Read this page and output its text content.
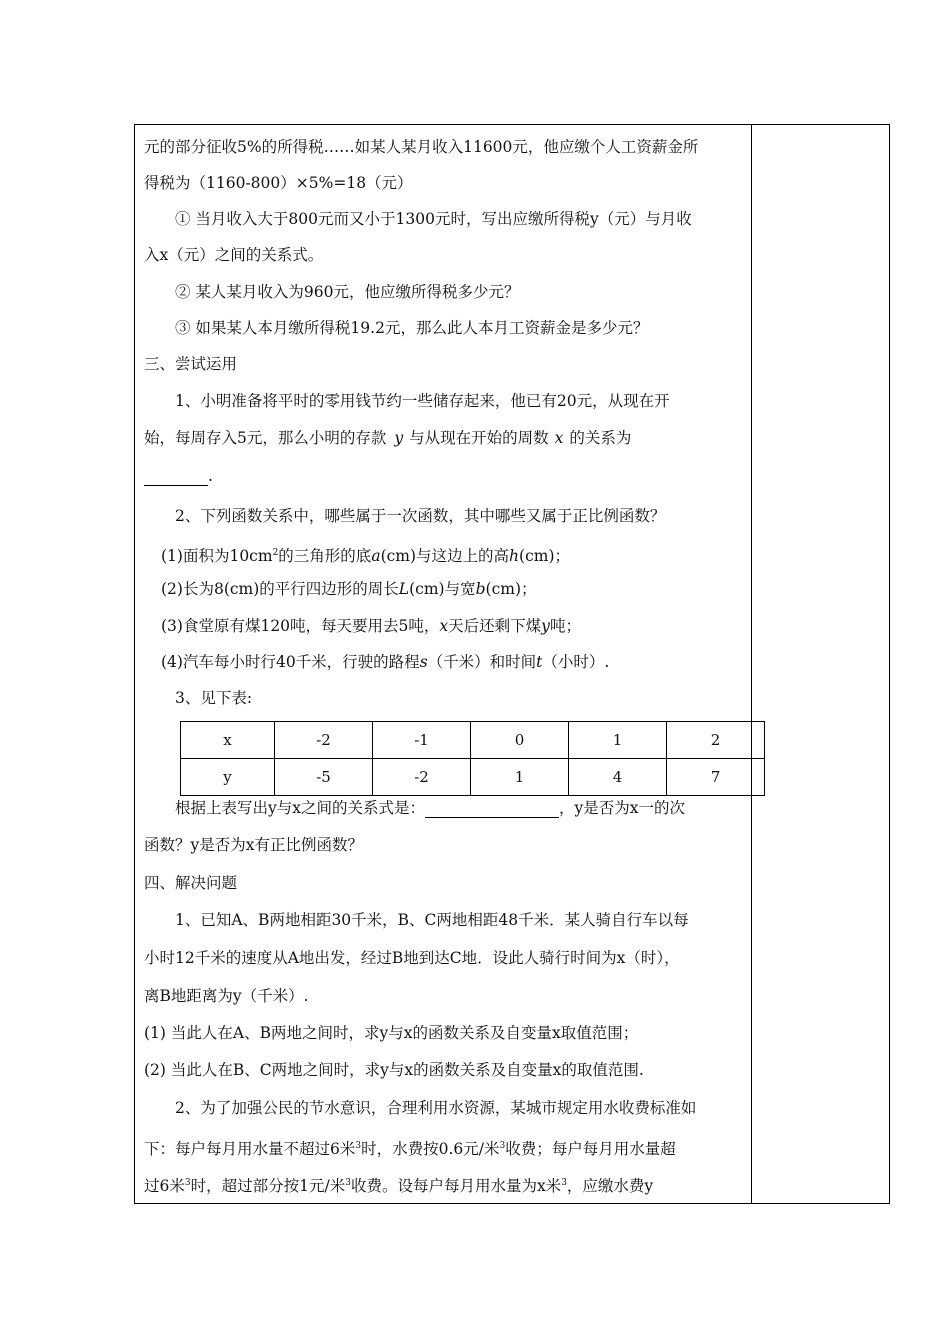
元的部分征收5%的所得税……如某人某月收入11600元，他应缴个人工资薪金所
得税为（1160-800）×5%=18（元）
① 当月收入大于800元而又小于1300元时，写出应缴所得税y（元）与月收
入x（元）之间的关系式。
② 某人某月收入为960元，他应缴所得税多少元？
③ 如果某人本月缴所得税19.2元，那么此人本月工资薪金是多少元？
三、尝试运用
1、小明准备将平时的零用钱节约一些储存起来，他已有20元，从现在开
始，每周存入5元，那么小明的存款 y 与从现在开始的周数 x 的关系为
.
2、下列函数关系中，哪些属于一次函数，其中哪些又属于正比例函数？
(1)面积为$10cm^2$的三角形的底a(cm)与这边上的高h(cm)；
(2)长为8(cm)的平行四边形的周长L(cm)与宽b(cm)；
(3)食堂原有煤120吨，每天要用去5吨，x天后还剩下煤y吨；
(4)汽车每小时行40千米，行驶的路程s（千米）和时间t（小时）.
3、见下表:
根据上表写出y与x之间的关系式是：	，y是否为x一的次
函数？y是否为x有正比例函数？
四、解决问题
1、已知A、B两地相距30千米，B、C两地相距48千米．某人骑自行车以每
小时12千米的速度从A地出发，经过B地到达C地．设此人骑行时间为x（时），
离B地距离为y（千米）.
(1) 当此人在A、B两地之间时，求y与x的函数关系及自变量x取值范围；
(2) 当此人在B、C两地之间时，求y与x的函数关系及自变量x的取值范围.
2、为了加强公民的节水意识，合理利用水资源，某城市规定用水收费标准如
下：每户每月用水量不超过6米$^3$时，水费按0.6元/米$^3$收费；每户每月用水量超
过6米$^3$时，超过部分按1元/米$^3$收费。设每户每月用水量为x米$^3$，应缴水费y
x	-2	-1	0	1	2
y	-5	-2	1	4	7
